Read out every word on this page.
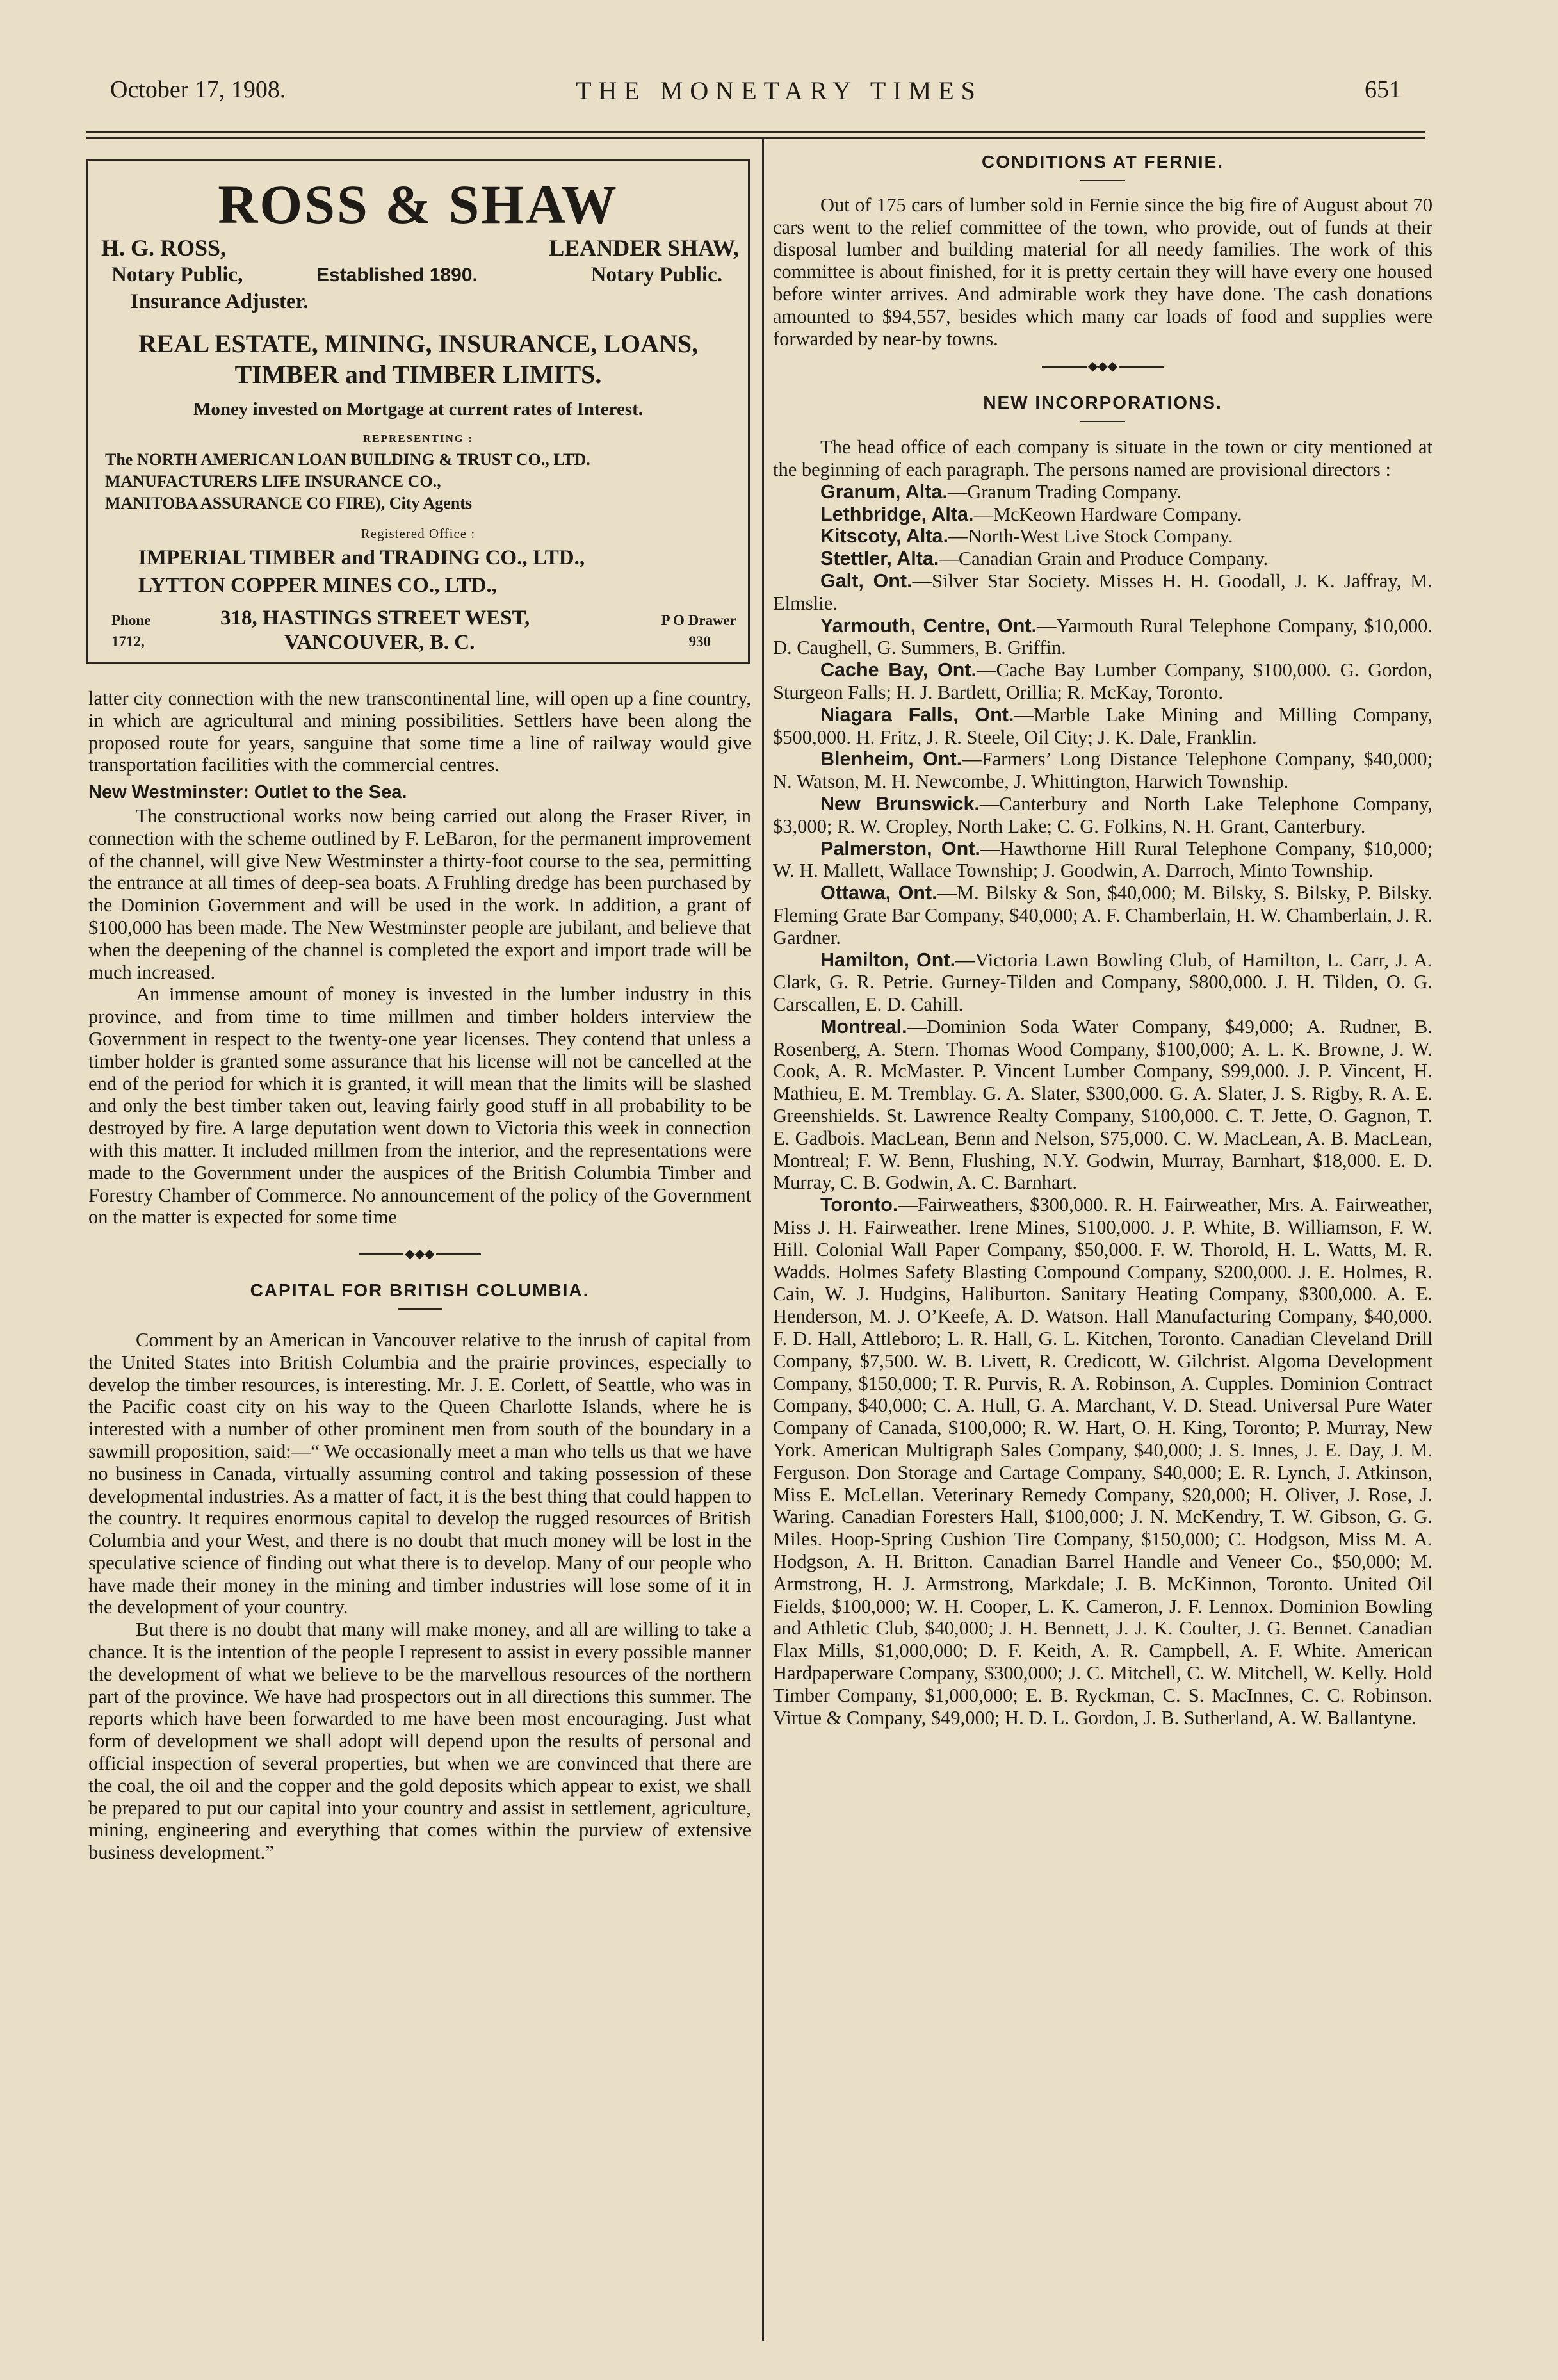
October 17, 1908.	THE MONETARY TIMES	651
ROSS & SHAW
H. G. ROSS,	LEANDER SHAW,
Notary Public,	Established 1890.	Notary Public.
Insurance Adjuster.
REAL ESTATE, MINING, INSURANCE, LOANS,
TIMBER and TIMBER LIMITS.
Money invested on Mortgage at current rates of Interest.
REPRESENTING :
The NORTH AMERICAN LOAN BUILDING & TRUST CO., LTD.
MANUFACTURERS LIFE INSURANCE CO.,
MANITOBA ASSURANCE CO FIRE), City Agents
Registered Office :
IMPERIAL TIMBER and TRADING CO., LTD.,
LYTTON COPPER MINES CO., LTD.,
Phone
1712,
318, HASTINGS STREET WEST,
VANCOUVER, B. C.
P O Drawer
930

latter city connection with the new transcontinental line, will open up a fine country, in which are agricultural and mining possibilities. Settlers have been along the proposed route for years, sanguine that some time a line of railway would give transportation facilities with the commercial centres.

New Westminster: Outlet to the Sea.

The constructional works now being carried out along the Fraser River, in connection with the scheme outlined by F. LeBaron, for the permanent improvement of the channel, will give New Westminster a thirty-foot course to the sea, permitting the entrance at all times of deep-sea boats. A Fruhling dredge has been purchased by the Dominion Government and will be used in the work. In addition, a grant of $100,000 has been made. The New Westminster people are jubilant, and believe that when the deepening of the channel is completed the export and import trade will be much increased.

An immense amount of money is invested in the lumber industry in this province, and from time to time millmen and timber holders interview the Government in respect to the twenty-one year licenses. They contend that unless a timber holder is granted some assurance that his license will not be cancelled at the end of the period for which it is granted, it will mean that the limits will be slashed and only the best timber taken out, leaving fairly good stuff in all probability to be destroyed by fire. A large deputation went down to Victoria this week in connection with this matter. It included millmen from the interior, and the representations were made to the Government under the auspices of the British Columbia Timber and Forestry Chamber of Commerce. No announcement of the policy of the Government on the matter is expected for some time

◆◆◆
CAPITAL FOR BRITISH COLUMBIA.

Comment by an American in Vancouver relative to the inrush of capital from the United States into British Columbia and the prairie provinces, especially to develop the timber resources, is interesting. Mr. J. E. Corlett, of Seattle, who was in the Pacific coast city on his way to the Queen Charlotte Islands, where he is interested with a number of other prominent men from south of the boundary in a sawmill proposition, said:—“ We occasionally meet a man who tells us that we have no business in Canada, virtually assuming control and taking possession of these developmental industries. As a matter of fact, it is the best thing that could happen to the country. It requires enormous capital to develop the rugged resources of British Columbia and your West, and there is no doubt that much money will be lost in the speculative science of finding out what there is to develop. Many of our people who have made their money in the mining and timber industries will lose some of it in the development of your country.

But there is no doubt that many will make money, and all are willing to take a chance. It is the intention of the people I represent to assist in every possible manner the development of what we believe to be the marvellous resources of the northern part of the province. We have had prospectors out in all directions this summer. The reports which have been forwarded to me have been most encouraging. Just what form of development we shall adopt will depend upon the results of personal and official inspection of several properties, but when we are convinced that there are the coal, the oil and the copper and the gold deposits which appear to exist, we shall be prepared to put our capital into your country and assist in settlement, agriculture, mining, engineering and everything that comes within the purview of extensive business development.”

CONDITIONS AT FERNIE.

Out of 175 cars of lumber sold in Fernie since the big fire of August about 70 cars went to the relief committee of the town, who provide, out of funds at their disposal lumber and building material for all needy families. The work of this committee is about finished, for it is pretty certain they will have every one housed before winter arrives. And admirable work they have done. The cash donations amounted to $94,557, besides which many car loads of food and supplies were forwarded by near-by towns.

◆◆◆
NEW INCORPORATIONS.

The head office of each company is situate in the town or city mentioned at the beginning of each paragraph. The persons named are provisional directors :

Granum, Alta.—Granum Trading Company.

Lethbridge, Alta.—McKeown Hardware Company.

Kitscoty, Alta.—North-West Live Stock Company.

Stettler, Alta.—Canadian Grain and Produce Company.

Galt, Ont.—Silver Star Society. Misses H. H. Goodall, J. K. Jaffray, M. Elmslie.

Yarmouth, Centre, Ont.—Yarmouth Rural Telephone Company, $10,000. D. Caughell, G. Summers, B. Griffin.

Cache Bay, Ont.—Cache Bay Lumber Company, $100,000. G. Gordon, Sturgeon Falls; H. J. Bartlett, Orillia; R. McKay, Toronto.

Niagara Falls, Ont.—Marble Lake Mining and Milling Company, $500,000. H. Fritz, J. R. Steele, Oil City; J. K. Dale, Franklin.

Blenheim, Ont.—Farmers’ Long Distance Telephone Company, $40,000; N. Watson, M. H. Newcombe, J. Whittington, Harwich Township.

New Brunswick.—Canterbury and North Lake Telephone Company, $3,000; R. W. Cropley, North Lake; C. G. Folkins, N. H. Grant, Canterbury.

Palmerston, Ont.—Hawthorne Hill Rural Telephone Company, $10,000; W. H. Mallett, Wallace Township; J. Goodwin, A. Darroch, Minto Township.

Ottawa, Ont.—M. Bilsky & Son, $40,000; M. Bilsky, S. Bilsky, P. Bilsky. Fleming Grate Bar Company, $40,000; A. F. Chamberlain, H. W. Chamberlain, J. R. Gardner.

Hamilton, Ont.—Victoria Lawn Bowling Club, of Hamilton, L. Carr, J. A. Clark, G. R. Petrie. Gurney-Tilden and Company, $800,000. J. H. Tilden, O. G. Carscallen, E. D. Cahill.

Montreal.—Dominion Soda Water Company, $49,000; A. Rudner, B. Rosenberg, A. Stern. Thomas Wood Company, $100,000; A. L. K. Browne, J. W. Cook, A. R. McMaster. P. Vincent Lumber Company, $99,000. J. P. Vincent, H. Mathieu, E. M. Tremblay. G. A. Slater, $300,000. G. A. Slater, J. S. Rigby, R. A. E. Greenshields. St. Lawrence Realty Company, $100,000. C. T. Jette, O. Gagnon, T. E. Gadbois. MacLean, Benn and Nelson, $75,000. C. W. MacLean, A. B. MacLean, Montreal; F. W. Benn, Flushing, N.Y. Godwin, Murray, Barnhart, $18,000. E. D. Murray, C. B. Godwin, A. C. Barnhart.

Toronto.—Fairweathers, $300,000. R. H. Fairweather, Mrs. A. Fairweather, Miss J. H. Fairweather. Irene Mines, $100,000. J. P. White, B. Williamson, F. W. Hill. Colonial Wall Paper Company, $50,000. F. W. Thorold, H. L. Watts, M. R. Wadds. Holmes Safety Blasting Compound Company, $200,000. J. E. Holmes, R. Cain, W. J. Hudgins, Haliburton. Sanitary Heating Company, $300,000. A. E. Henderson, M. J. O’Keefe, A. D. Watson. Hall Manufacturing Company, $40,000. F. D. Hall, Attleboro; L. R. Hall, G. L. Kitchen, Toronto. Canadian Cleveland Drill Company, $7,500. W. B. Livett, R. Credicott, W. Gilchrist. Algoma Development Company, $150,000; T. R. Purvis, R. A. Robinson, A. Cupples. Dominion Contract Company, $40,000; C. A. Hull, G. A. Marchant, V. D. Stead. Universal Pure Water Company of Canada, $100,000; R. W. Hart, O. H. King, Toronto; P. Murray, New York. American Multigraph Sales Company, $40,000; J. S. Innes, J. E. Day, J. M. Ferguson. Don Storage and Cartage Company, $40,000; E. R. Lynch, J. Atkinson, Miss E. McLellan. Veterinary Remedy Company, $20,000; H. Oliver, J. Rose, J. Waring. Canadian Foresters Hall, $100,000; J. N. McKendry, T. W. Gibson, G. G. Miles. Hoop-Spring Cushion Tire Company, $150,000; C. Hodgson, Miss M. A. Hodgson, A. H. Britton. Canadian Barrel Handle and Veneer Co., $50,000; M. Armstrong, H. J. Armstrong, Markdale; J. B. McKinnon, Toronto. United Oil Fields, $100,000; W. H. Cooper, L. K. Cameron, J. F. Lennox. Dominion Bowling and Athletic Club, $40,000; J. H. Bennett, J. J. K. Coulter, J. G. Bennet. Canadian Flax Mills, $1,000,000; D. F. Keith, A. R. Campbell, A. F. White. American Hardpaperware Company, $300,000; J. C. Mitchell, C. W. Mitchell, W. Kelly. Hold Timber Company, $1,000,000; E. B. Ryckman, C. S. MacInnes, C. C. Robinson. Virtue & Company, $49,000; H. D. L. Gordon, J. B. Sutherland, A. W. Ballantyne.
